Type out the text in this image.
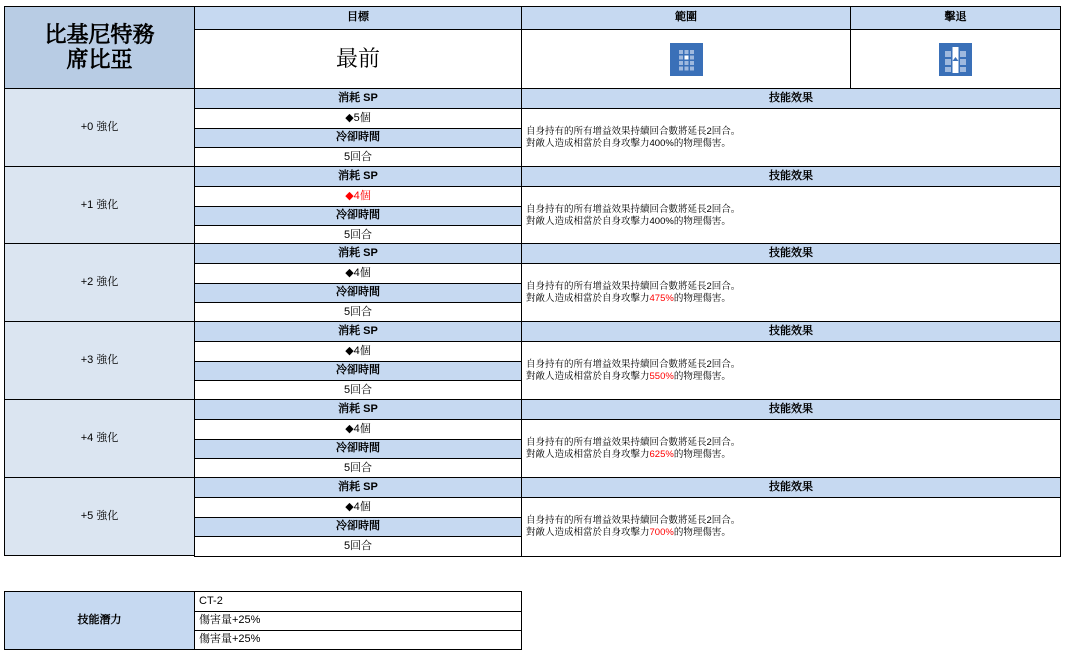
比基尼特務
席比亞
目標	範圍	擊退
最前
+0 強化
消耗 SP
◆5個
冷卻時間
5回合
技能效果
自身持有的所有增益效果持續回合數將延長2回合。
對敵人造成相當於自身攻擊力400%的物理傷害。
+1 強化
消耗 SP
◆4個
冷卻時間
5回合
技能效果
自身持有的所有增益效果持續回合數將延長2回合。
對敵人造成相當於自身攻擊力400%的物理傷害。
+2 強化
消耗 SP
◆4個
冷卻時間
5回合
技能效果
自身持有的所有增益效果持續回合數將延長2回合。
對敵人造成相當於自身攻擊力475%的物理傷害。
+3 強化
消耗 SP
◆4個
冷卻時間
5回合
技能效果
自身持有的所有增益效果持續回合數將延長2回合。
對敵人造成相當於自身攻擊力550%的物理傷害。
+4 強化
消耗 SP
◆4個
冷卻時間
5回合
技能效果
自身持有的所有增益效果持續回合數將延長2回合。
對敵人造成相當於自身攻擊力625%的物理傷害。
+5 強化
消耗 SP
◆4個
冷卻時間
5回合
技能效果
自身持有的所有增益效果持續回合數將延長2回合。
對敵人造成相當於自身攻擊力700%的物理傷害。
技能潛力
CT-2
傷害量+25%
傷害量+25%
